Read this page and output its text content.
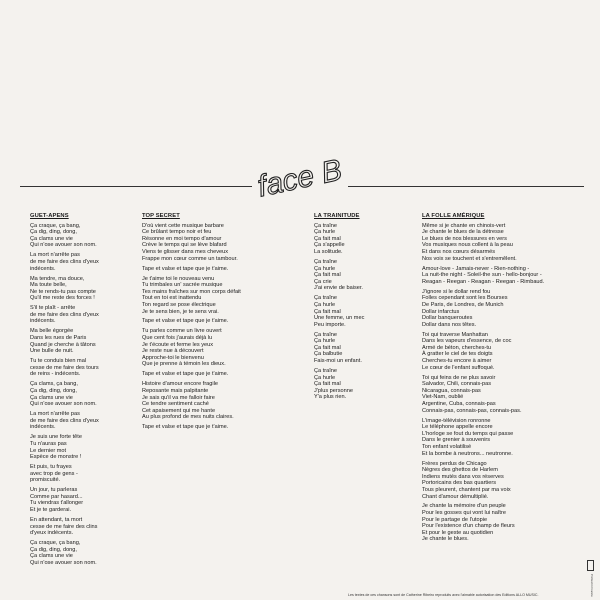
face B
GUET-APENS
Ça craque, ça bang,
Ça dig, ding, dong,
Ça clams une vie
Qui n'ose avouer son nom.
La mort n'arrête pas
de me faire des clins d'yeux
indécents.
Ma tendre, ma douce,
Ma toute belle,
Ne te rends-tu pas compte
Qu'il me reste des forces !
S'il te plaît - arrête
de me faire des clins d'yeux
indécents.
Ma belle égorgée
Dans les rues de Paris
Quand je cherche à tâtons
Une bulle de nuit.
Tu te conduis bien mal
cesse de me faire des tours
de reins - indécents.
Ça clams, ça bang,
Ça dig, ding, dong,
Ça clams une vie
Qui n'ose avouer son nom.
La mort n'arrête pas
de me faire des clins d'yeux
indécents.
Je suis une forte tête
Tu n'auras pas
Le dernier mot
Espèce de monstre !
Et puis, tu frayes
avec trop de gens -
promiscuité.
Un jour, tu parleras
Comme par hasard...
Tu viendras t'allonger
Et je te garderai.
En attendant, ta mort
cesse de me faire des clins
d'yeux indécents.
Ça craque, ça bang,
Ça dig, ding, dong,
Ça clams une vie
Qui n'ose avouer son nom.
TOP SECRET
D'où vient cette musique barbare
Ce brûlant tempo noir et feu
Résonne en moi tempo d'amour
Crève le temps qui se lève blafard
Viens te glisser dans mes cheveux
Frappe mon cœur comme un tambour.
Tape et valse et tape que je t'aime.
Je t'aime toi le nouveau venu
Tu trimbales un' sacrée musique
Tes mains fraîches sur mon corps défait
Tout en toi est inattendu
Ton regard se pose électrique
Je te sens bien, je te sens vrai.
Tape et valse et tape que je t'aime.
Tu parles comme un livre ouvert
Que cent fois j'aurais déjà lu
Je t'écoute et ferme les yeux
Je reste nue à découvert
Approche-toi le bienvenu
Que je prenne à témoin les dieux.
Tape et valse et tape que je t'aime.
Histoire d'amour encore fragile
Reposante mais palpitante
Je sais qu'il va me falloir faire
Ce tendre sentiment caché
Cet apaisement qui me hante
Au plus profond de mes nuits claires.
Tape et valse et tape que je t'aime.
LA TRAINITUDE
Ça traîne
Ça hurle
Ça fait mal
Ça s'appelle
La solitude.
Ça traîne
Ça hurle
Ça fait mal
Ça crie
J'ai envie de baiser.
Ça traîne
Ça hurle
Ça fait mal
Une femme, un mec
Peu importe.
Ça traîne
Ça hurle
Ça fait mal
Ça balbutie
Fais-moi un enfant.
Ça traîne
Ça hurle
Ça fait mal
J'plus personne
Y'a plus rien.
LA FOLLE AMÉRIQUE
Même si je chante en chinois-vert
Je chante le blues de la détresse
Le blues de nos blessures en vers
Vos musiques nous collent à la peau
Et dans nos cœurs désarmés
Nos voix se touchent et s'entremêlent.
Amour-love - Jamais-never - Rien-nothing -
La nuit-the night - Soleil-the sun - hello-bonjour -
Reagan - Reegan - Reagan - Reegan - Rimbaud.
J'ignore si le dollar rend fou
Folles cependant sont les Bourses
De Paris, de Londres, de Munich
Dollar infarctus
Dollar banqueroutes
Dollar dans nos têtes.
Toi qui traverse Manhattan
Dans les vapeurs d'essence, de coc
Armé de béton, cherches-tu
À gratter le ciel de tes doigts
Cherches-tu encore à aimer
Le cœur de l'enfant suffoqué.
Toi qui feins de ne plus savoir
Salvador, Chili, connais-pas
Nicaragua, connais-pas
Viet-Nam, oublié
Argentine, Cuba, connais-pas
Connais-pas, connais-pas, connais-pas.
L'image-télévision ronronne
Le téléphone appelle encore
L'horloge se fout du temps qui passe
Dans le grenier à souvenirs
Ton enfant volatilisé
Et la bombe à neutrons... neutronne.
Frères perdus de Chicago
Nègres des ghettos de Harlem
Indiens mutés dans vos réserves
Portoricains des bas quartiers
Tous pleurent, chantent par ma voix
Chant d'amour démultiplié.
Je chante la mémoire d'un peuple
Pour les gosses qui vont lui naître
Pour le partage de l'utopie
Pour l'existence d'un champ de fleurs
Et pour le geste au quotidien
Je chante le blues.
Les textes de ces chansons sont de Catherine Ribeiro reproduits avec l'aimable autorisation des Editions ALLO MUSIC.	Printed in France
